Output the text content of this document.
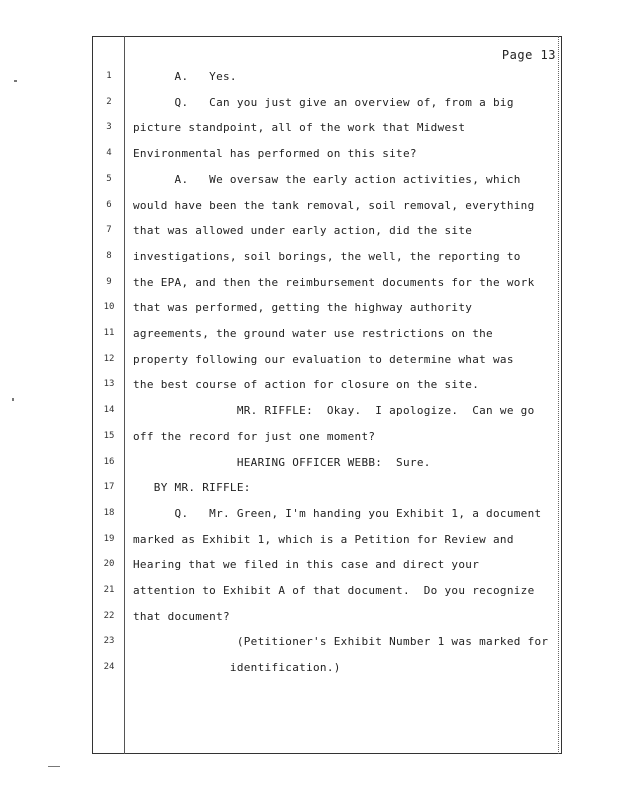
Page 13
1	A.   Yes.
2	Q.   Can you just give an overview of, from a big
3	picture standpoint, all of the work that Midwest
4	Environmental has performed on this site?
5	A.   We oversaw the early action activities, which
6	would have been the tank removal, soil removal, everything
7	that was allowed under early action, did the site
8	investigations, soil borings, the well, the reporting to
9	the EPA, and then the reimbursement documents for the work
10	that was performed, getting the highway authority
11	agreements, the ground water use restrictions on the
12	property following our evaluation to determine what was
13	the best course of action for closure on the site.
14	MR. RIFFLE:  Okay.  I apologize.  Can we go
15	off the record for just one moment?
16	HEARING OFFICER WEBB:  Sure.
17	BY MR. RIFFLE:
18	Q.   Mr. Green, I'm handing you Exhibit 1, a document
19	marked as Exhibit 1, which is a Petition for Review and
20	Hearing that we filed in this case and direct your
21	attention to Exhibit A of that document.  Do you recognize
22	that document?
23	(Petitioner's Exhibit Number 1 was marked for
24	identification.)
